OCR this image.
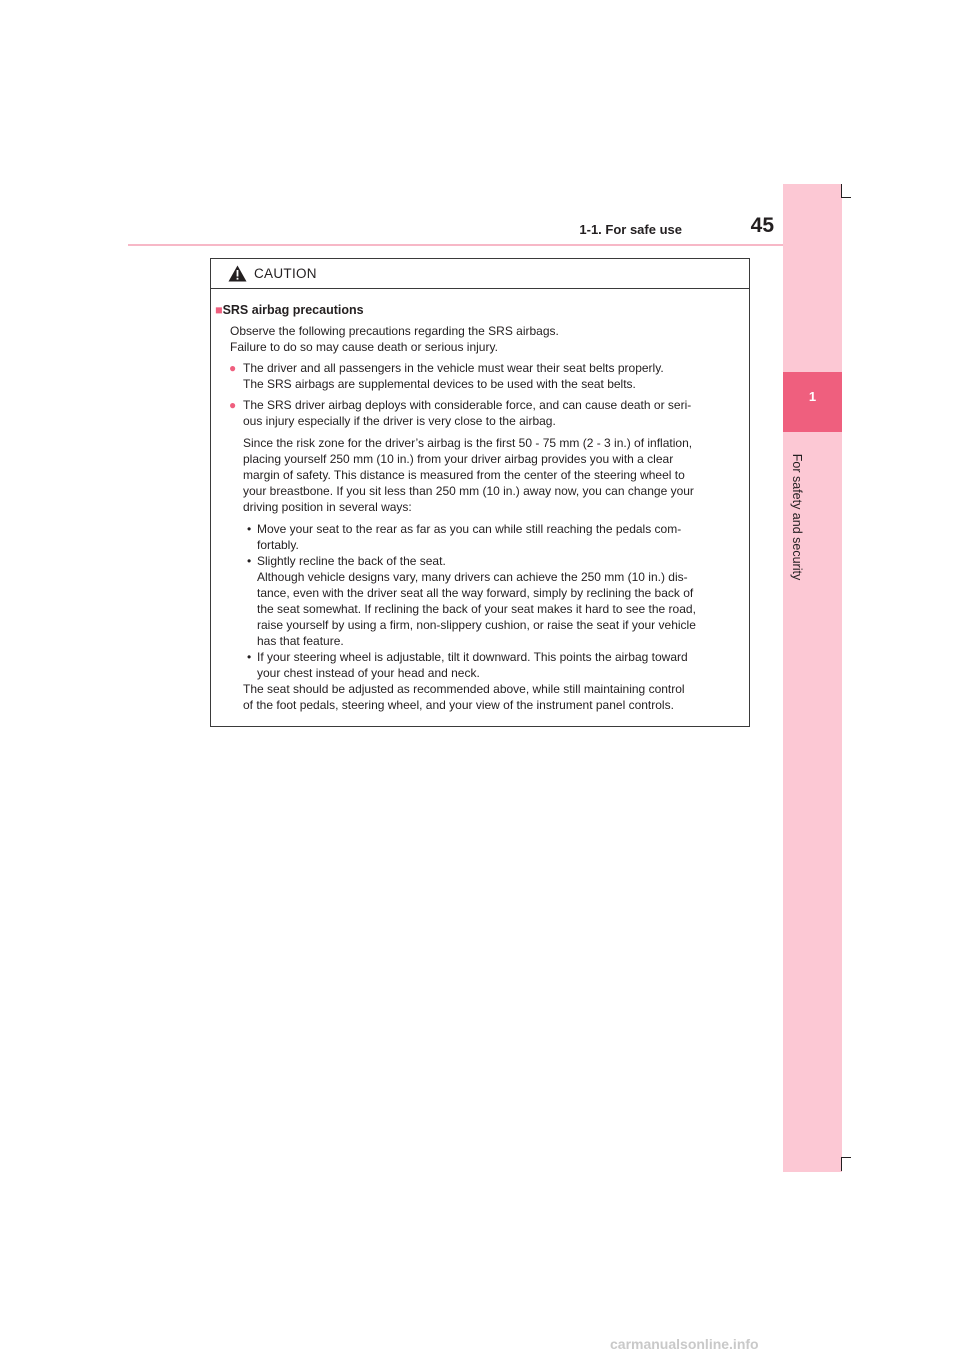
1-1. For safe use	45
1
For safety and security
CAUTION
■SRS airbag precautions
Observe the following precautions regarding the SRS airbags.
Failure to do so may cause death or serious injury.
● The driver and all passengers in the vehicle must wear their seat belts properly.
The SRS airbags are supplemental devices to be used with the seat belts.
● The SRS driver airbag deploys with considerable force, and can cause death or seri-
ous injury especially if the driver is very close to the airbag.
Since the risk zone for the driver’s airbag is the first 50 - 75 mm (2 - 3 in.) of inflation,
placing yourself 250 mm (10 in.) from your driver airbag provides you with a clear
margin of safety. This distance is measured from the center of the steering wheel to
your breastbone. If you sit less than 250 mm (10 in.) away now, you can change your
driving position in several ways:
• Move your seat to the rear as far as you can while still reaching the pedals com-
fortably.
• Slightly recline the back of the seat.
Although vehicle designs vary, many drivers can achieve the 250 mm (10 in.) dis-
tance, even with the driver seat all the way forward, simply by reclining the back of
the seat somewhat. If reclining the back of your seat makes it hard to see the road,
raise yourself by using a firm, non-slippery cushion, or raise the seat if your vehicle
has that feature.
• If your steering wheel is adjustable, tilt it downward. This points the airbag toward
your chest instead of your head and neck.
The seat should be adjusted as recommended above, while still maintaining control
of the foot pedals, steering wheel, and your view of the instrument panel controls.
carmanualsonline.info
